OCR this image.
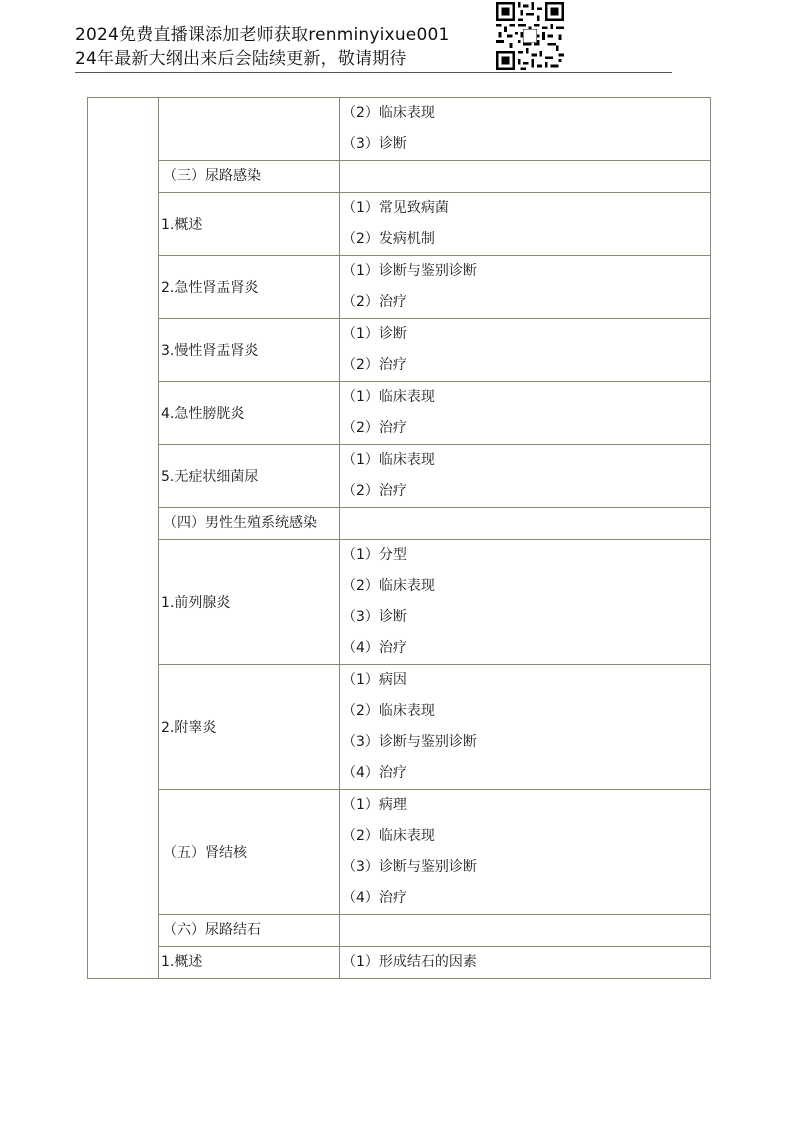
2024免费直播课添加老师获取renminyixue001
24年最新大纲出来后会陆续更新，敬请期待

		（2）临床表现
（3）诊断

	（三）尿路感染	

	1.概述	（1）常见致病菌
（2）发病机制

	2.急性肾盂肾炎	（1）诊断与鉴别诊断
（2）治疗

	3.慢性肾盂肾炎	（1）诊断
（2）治疗

	4.急性膀胱炎	（1）临床表现
（2）治疗

	5.无症状细菌尿	（1）临床表现
（2）治疗

	（四）男性生殖系统感染	

	1.前列腺炎	（1）分型
（2）临床表现
（3）诊断
（4）治疗

	2.附睾炎	（1）病因
（2）临床表现
（3）诊断与鉴别诊断
（4）治疗

	（五）肾结核	（1）病理
（2）临床表现
（3）诊断与鉴别诊断
（4）治疗

	（六）尿路结石	

	1.概述	（1）形成结石的因素
